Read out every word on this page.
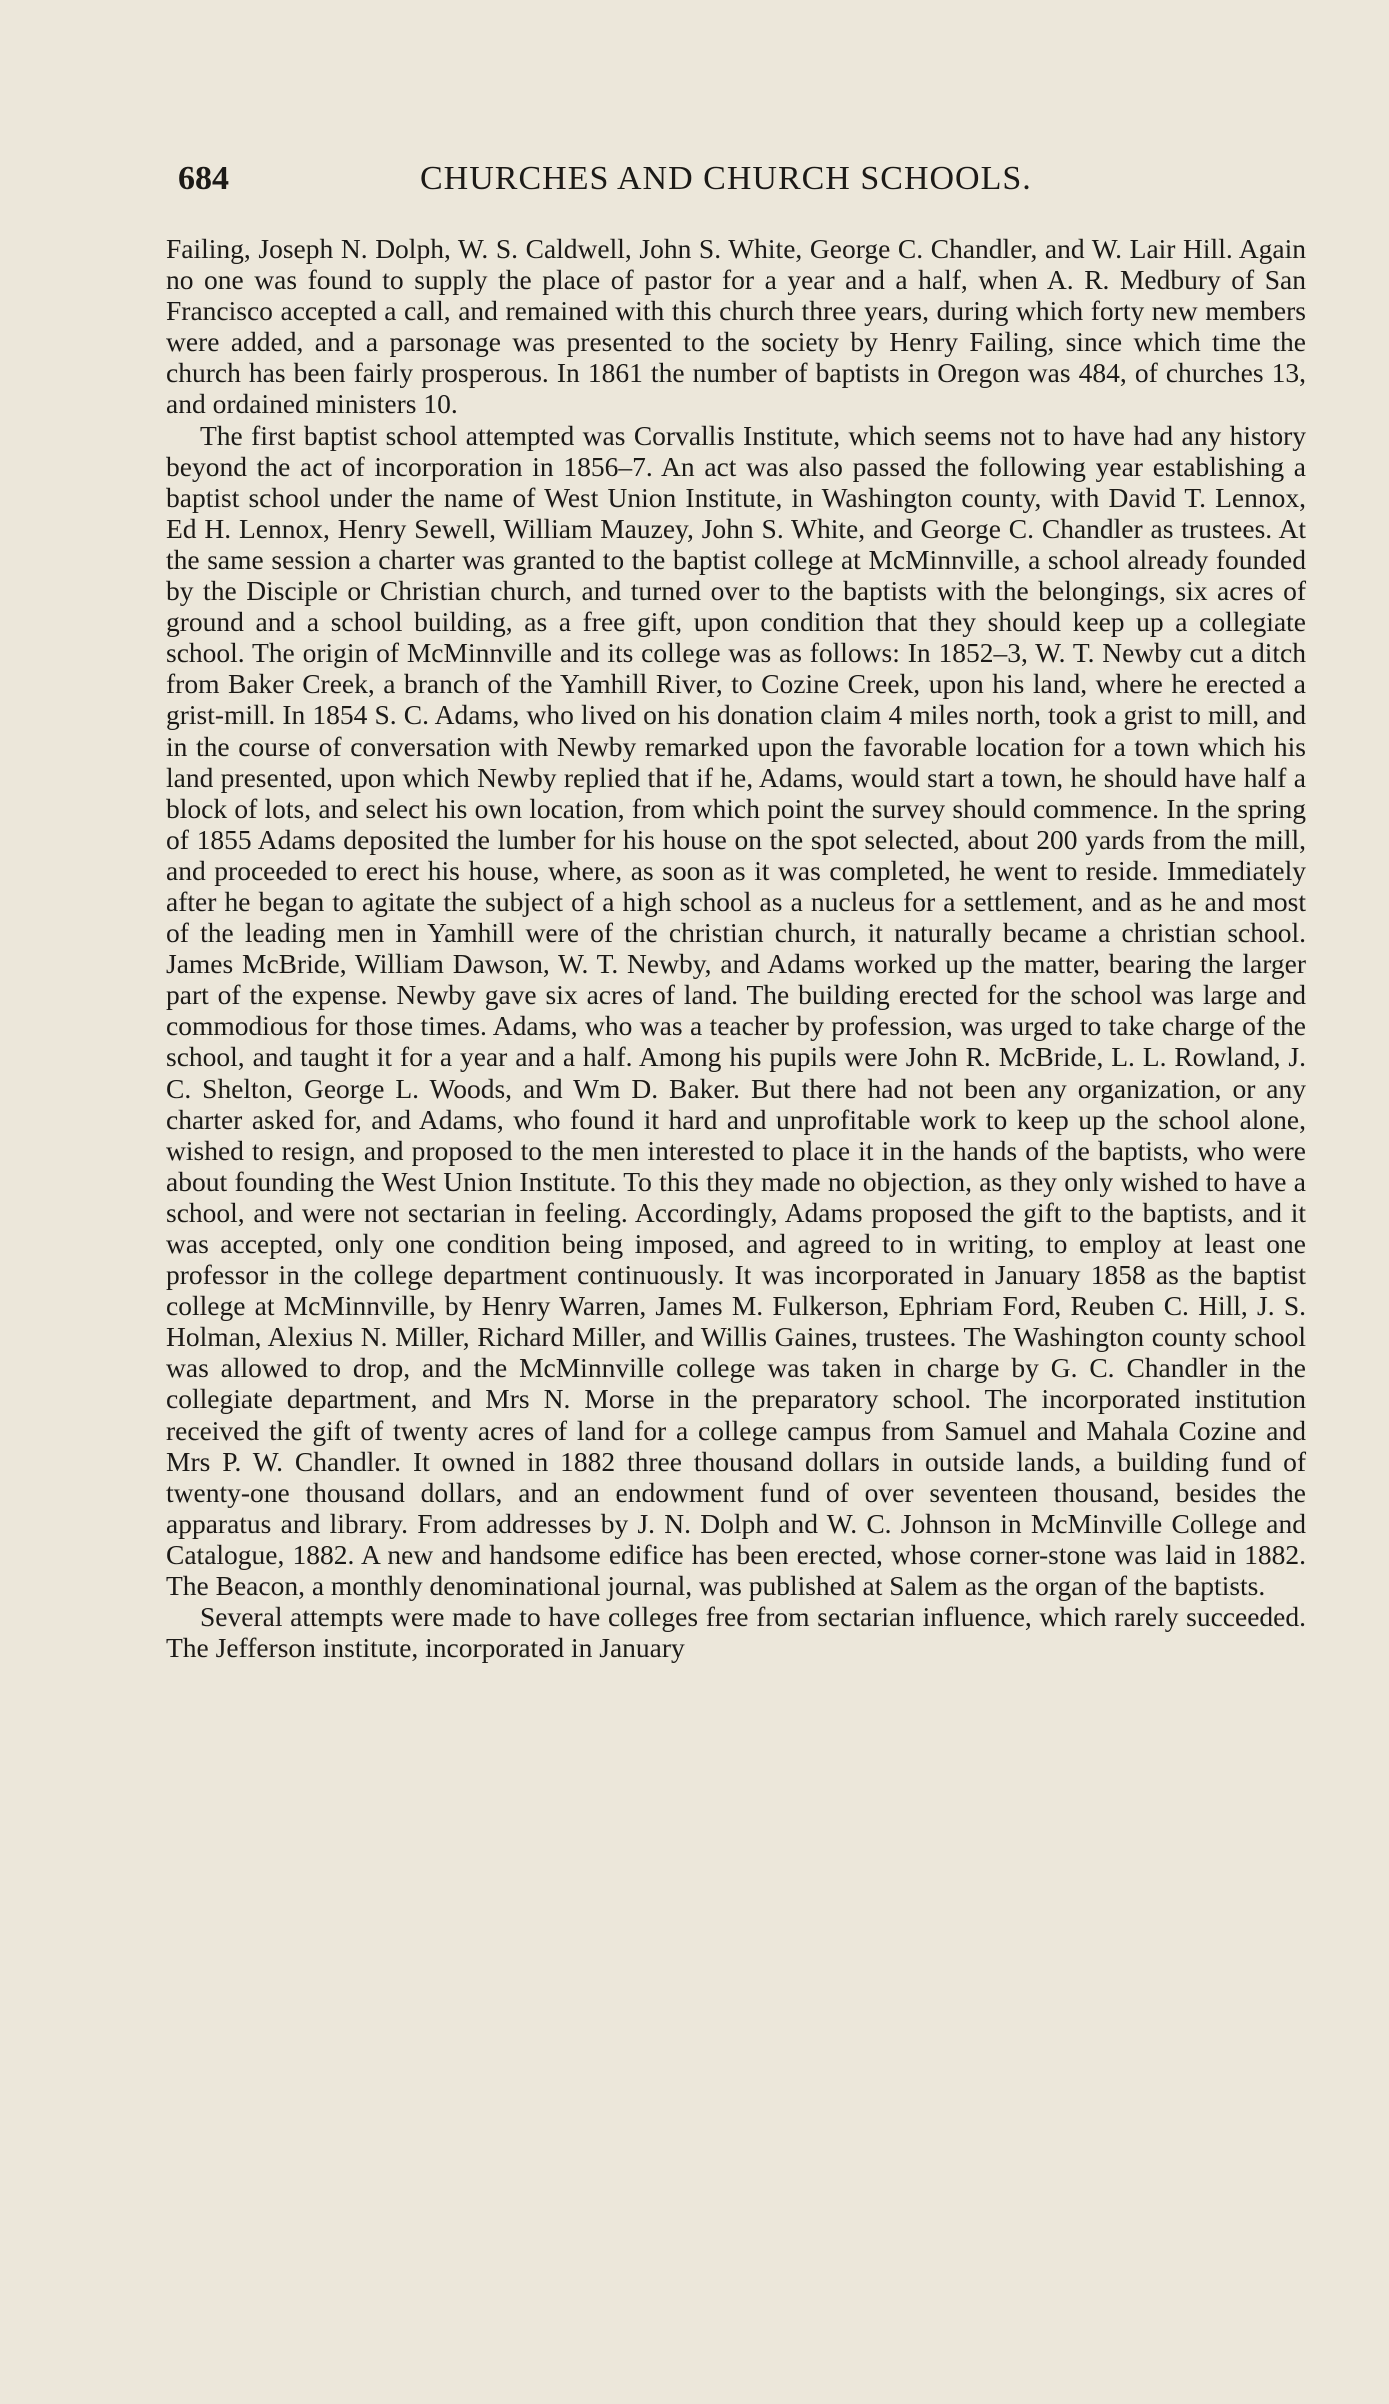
684	CHURCHES AND CHURCH SCHOOLS.

Failing, Joseph N. Dolph, W. S. Caldwell, John S. White, George C. Chandler, and W. Lair Hill. Again no one was found to supply the place of pastor for a year and a half, when A. R. Medbury of San Francisco accepted a call, and remained with this church three years, during which forty new members were added, and a parsonage was presented to the society by Henry Failing, since which time the church has been fairly prosperous. In 1861 the number of baptists in Oregon was 484, of churches 13, and ordained ministers 10.

The first baptist school attempted was Corvallis Institute, which seems not to have had any history beyond the act of incorporation in 1856–7. An act was also passed the following year establishing a baptist school under the name of West Union Institute, in Washington county, with David T. Lennox, Ed H. Lennox, Henry Sewell, William Mauzey, John S. White, and George C. Chandler as trustees. At the same session a charter was granted to the baptist college at McMinnville, a school already founded by the Disciple or Christian church, and turned over to the baptists with the belongings, six acres of ground and a school building, as a free gift, upon condition that they should keep up a collegiate school. The origin of McMinnville and its college was as follows: In 1852–3, W. T. Newby cut a ditch from Baker Creek, a branch of the Yamhill River, to Cozine Creek, upon his land, where he erected a grist-mill. In 1854 S. C. Adams, who lived on his donation claim 4 miles north, took a grist to mill, and in the course of conversation with Newby remarked upon the favorable location for a town which his land presented, upon which Newby replied that if he, Adams, would start a town, he should have half a block of lots, and select his own location, from which point the survey should commence. In the spring of 1855 Adams deposited the lumber for his house on the spot selected, about 200 yards from the mill, and proceeded to erect his house, where, as soon as it was completed, he went to reside. Immediately after he began to agitate the subject of a high school as a nucleus for a settlement, and as he and most of the leading men in Yamhill were of the christian church, it naturally became a christian school. James McBride, William Dawson, W. T. Newby, and Adams worked up the matter, bearing the larger part of the expense. Newby gave six acres of land. The building erected for the school was large and commodious for those times. Adams, who was a teacher by profession, was urged to take charge of the school, and taught it for a year and a half. Among his pupils were John R. McBride, L. L. Rowland, J. C. Shelton, George L. Woods, and Wm D. Baker. But there had not been any organization, or any charter asked for, and Adams, who found it hard and unprofitable work to keep up the school alone, wished to resign, and proposed to the men interested to place it in the hands of the baptists, who were about founding the West Union Institute. To this they made no objection, as they only wished to have a school, and were not sectarian in feeling. Accordingly, Adams proposed the gift to the baptists, and it was accepted, only one condition being imposed, and agreed to in writing, to employ at least one professor in the college department continuously. It was incorporated in January 1858 as the baptist college at McMinnville, by Henry Warren, James M. Fulkerson, Ephriam Ford, Reuben C. Hill, J. S. Holman, Alexius N. Miller, Richard Miller, and Willis Gaines, trustees. The Washington county school was allowed to drop, and the McMinnville college was taken in charge by G. C. Chandler in the collegiate department, and Mrs N. Morse in the preparatory school. The incorporated institution received the gift of twenty acres of land for a college campus from Samuel and Mahala Cozine and Mrs P. W. Chandler. It owned in 1882 three thousand dollars in outside lands, a building fund of twenty-one thousand dollars, and an endowment fund of over seventeen thousand, besides the apparatus and library. From addresses by J. N. Dolph and W. C. Johnson in McMinville College and Catalogue, 1882. A new and handsome edifice has been erected, whose corner-stone was laid in 1882. The Beacon, a monthly denominational journal, was published at Salem as the organ of the baptists.

Several attempts were made to have colleges free from sectarian influence, which rarely succeeded. The Jefferson institute, incorporated in January
